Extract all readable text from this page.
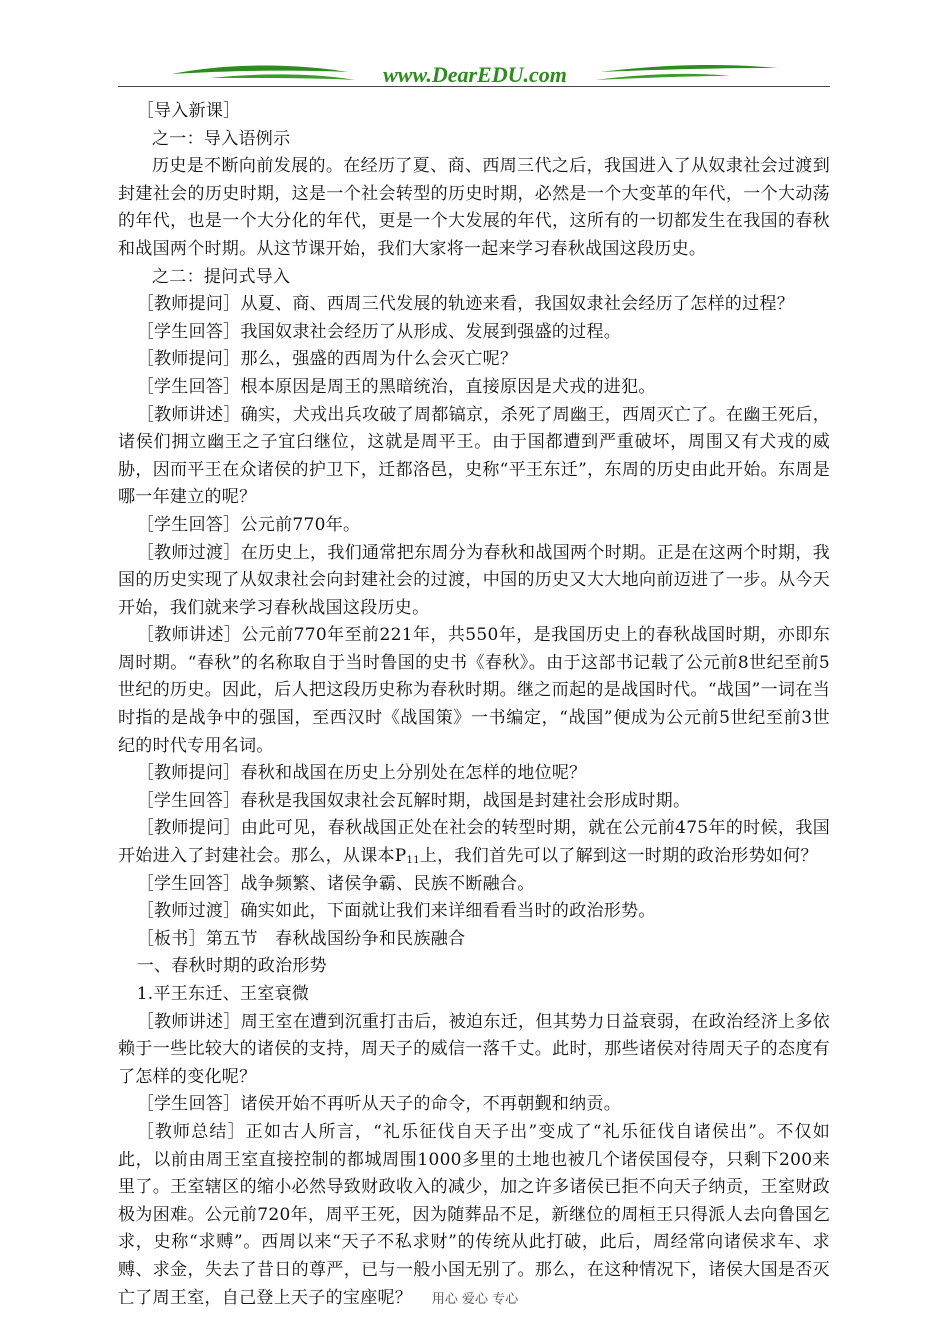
www.DearEDU.com

［导入新课］

之一：导入语例示

历史是不断向前发展的。在经历了夏、商、西周三代之后，我国进入了从奴隶社会过渡到封建社会的历史时期，这是一个社会转型的历史时期，必然是一个大变革的年代，一个大动荡的年代，也是一个大分化的年代，更是一个大发展的年代，这所有的一切都发生在我国的春秋和战国两个时期。从这节课开始，我们大家将一起来学习春秋战国这段历史。

之二：提问式导入

［教师提问］从夏、商、西周三代发展的轨迹来看，我国奴隶社会经历了怎样的过程？

［学生回答］我国奴隶社会经历了从形成、发展到强盛的过程。

［教师提问］那么，强盛的西周为什么会灭亡呢？

［学生回答］根本原因是周王的黑暗统治，直接原因是犬戎的进犯。

［教师讲述］确实，犬戎出兵攻破了周都镐京，杀死了周幽王，西周灭亡了。在幽王死后，诸侯们拥立幽王之子宜臼继位，这就是周平王。由于国都遭到严重破坏，周围又有犬戎的威胁，因而平王在众诸侯的护卫下，迁都洛邑，史称“平王东迁”，东周的历史由此开始。东周是哪一年建立的呢？

［学生回答］公元前770年。

［教师过渡］在历史上，我们通常把东周分为春秋和战国两个时期。正是在这两个时期，我国的历史实现了从奴隶社会向封建社会的过渡，中国的历史又大大地向前迈进了一步。从今天开始，我们就来学习春秋战国这段历史。

［教师讲述］公元前770年至前221年，共550年，是我国历史上的春秋战国时期，亦即东周时期。“春秋”的名称取自于当时鲁国的史书《春秋》。由于这部书记载了公元前8世纪至前5世纪的历史。因此，后人把这段历史称为春秋时期。继之而起的是战国时代。“战国”一词在当时指的是战争中的强国，至西汉时《战国策》一书编定，“战国”便成为公元前5世纪至前3世纪的时代专用名词。

［教师提问］春秋和战国在历史上分别处在怎样的地位呢？

［学生回答］春秋是我国奴隶社会瓦解时期，战国是封建社会形成时期。

［教师提问］由此可见，春秋战国正处在社会的转型时期，就在公元前475年的时候，我国开始进入了封建社会。那么，从课本$P_{11}$上，我们首先可以了解到这一时期的政治形势如何？

［学生回答］战争频繁、诸侯争霸、民族不断融合。

［教师过渡］确实如此，下面就让我们来详细看看当时的政治形势。

［板书］第五节　春秋战国纷争和民族融合

一、春秋时期的政治形势

1.平王东迁、王室衰微

［教师讲述］周王室在遭到沉重打击后，被迫东迁，但其势力日益衰弱，在政治经济上多依赖于一些比较大的诸侯的支持，周天子的威信一落千丈。此时，那些诸侯对待周天子的态度有了怎样的变化呢？

［学生回答］诸侯开始不再听从天子的命令，不再朝觐和纳贡。

［教师总结］正如古人所言，“礼乐征伐自天子出”变成了“礼乐征伐自诸侯出”。不仅如此，以前由周王室直接控制的都城周围1000多里的土地也被几个诸侯国侵夺，只剩下200来里了。王室辖区的缩小必然导致财政收入的减少，加之许多诸侯已拒不向天子纳贡，王室财政极为困难。公元前720年，周平王死，因为随葬品不足，新继位的周桓王只得派人去向鲁国乞求，史称“求赙”。西周以来“天子不私求财”的传统从此打破，此后，周经常向诸侯求车、求赙、求金，失去了昔日的尊严，已与一般小国无别了。那么，在这种情况下，诸侯大国是否灭亡了周王室，自己登上天子的宝座呢？	用心 爱心 专心
